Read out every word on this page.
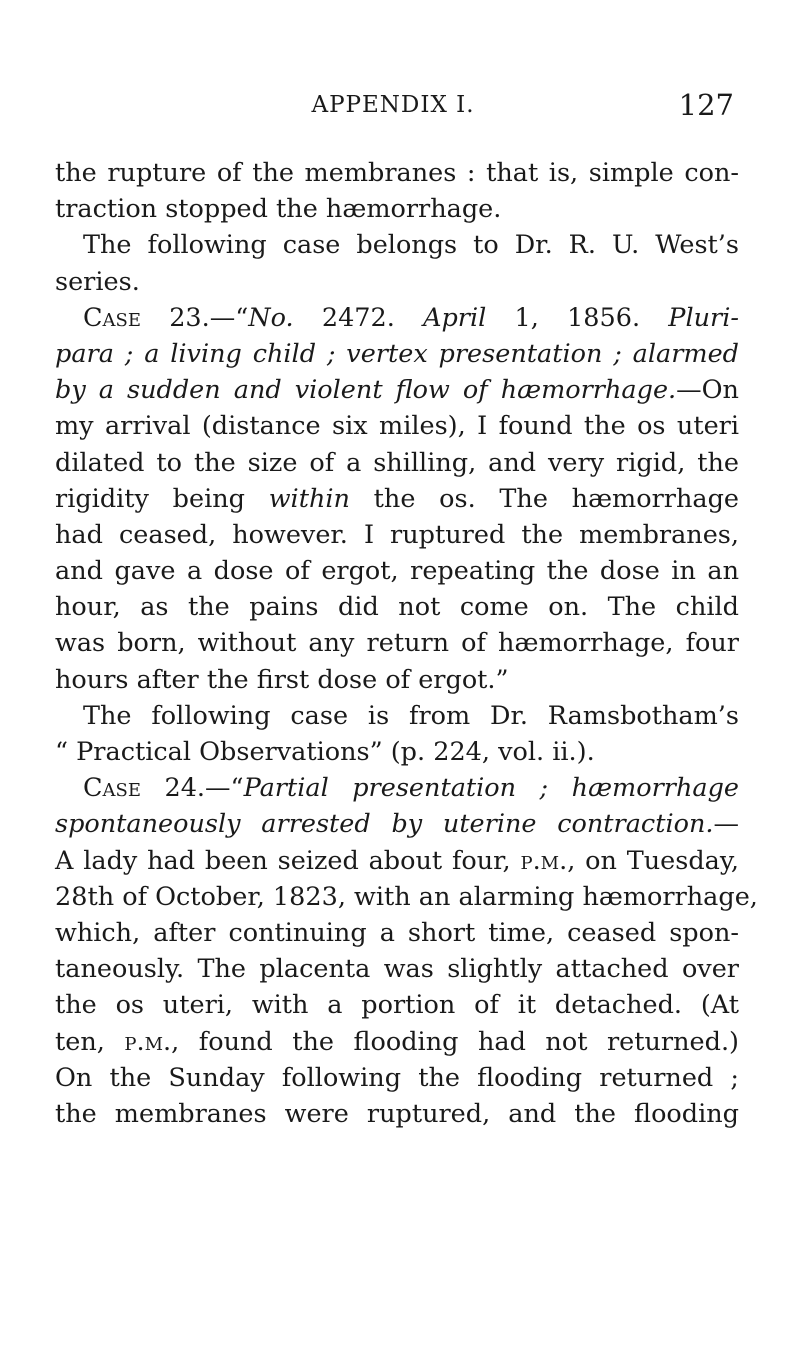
APPENDIX I.	127
the rupture of the membranes : that is, simple con-
traction stopped the hæmorrhage.
The following case belongs to Dr. R. U. West’s
series.
Case 23.—“No. 2472. April 1, 1856. Pluri-
para ; a living child ; vertex presentation ; alarmed
by a sudden and violent flow of hæmorrhage.—On
my arrival (distance six miles), I found the os uteri
dilated to the size of a shilling, and very rigid, the
rigidity being within the os. The hæmorrhage
had ceased, however. I ruptured the membranes,
and gave a dose of ergot, repeating the dose in an
hour, as the pains did not come on. The child
was born, without any return of hæmorrhage, four
hours after the first dose of ergot.”
The following case is from Dr. Ramsbotham’s
“ Practical Observations” (p. 224, vol. ii.).
Case 24.—“Partial presentation ; hæmorrhage
spontaneously arrested by uterine contraction.—
A lady had been seized about four, p.m., on Tuesday,
28th of October, 1823, with an alarming hæmorrhage,
which, after continuing a short time, ceased spon-
taneously. The placenta was slightly attached over
the os uteri, with a portion of it detached. (At
ten, p.m., found the flooding had not returned.)
On the Sunday following the flooding returned ;
the membranes were ruptured, and the flooding
